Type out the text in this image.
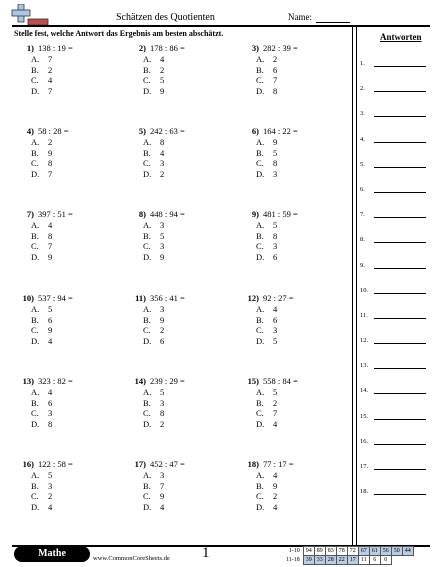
Schätzen des Quotienten	Name:
Stelle fest, welche Antwort das Ergebnis am besten abschätzt.	Antworten
1.
2.
3.
4.
5.
6.
7.
8.
9.
10.
11.
12.
13.
14.
15.
16.
17.
18.
1) 138 : 19 =
A. 7
B. 2
C. 4
D. 7
2) 178 : 86 =
A. 4
B. 2
C. 5
D. 9
3) 282 : 39 =
A. 2
B. 6
C. 7
D. 8
4) 58 : 28 =
A. 2
B. 9
C. 8
D. 7
5) 242 : 63 =
A. 8
B. 4
C. 3
D. 2
6) 164 : 22 =
A. 9
B. 5
C. 8
D. 3
7) 397 : 51 =
A. 4
B. 8
C. 7
D. 9
8) 448 : 94 =
A. 3
B. 5
C. 3
D. 9
9) 481 : 59 =
A. 5
B. 8
C. 3
D. 6
10) 537 : 94 =
A. 5
B. 6
C. 9
D. 4
11) 356 : 41 =
A. 3
B. 9
C. 2
D. 6
12) 92 : 27 =
A. 4
B. 6
C. 3
D. 5
13) 323 : 82 =
A. 4
B. 6
C. 3
D. 8
14) 239 : 29 =
A. 5
B. 3
C. 8
D. 2
15) 558 : 84 =
A. 5
B. 2
C. 7
D. 4
16) 122 : 58 =
A. 5
B. 3
C. 2
D. 4
17) 452 : 47 =
A. 3
B. 7
C. 9
D. 4
18) 77 : 17 =
A. 4
B. 9
C. 2
D. 4
Mathe	www.CommonCoreSheets.de 1	1-10	94	89	83	78	72	67	61	56	50	44
11-18	39	33	28	22	17	11	6	0		
